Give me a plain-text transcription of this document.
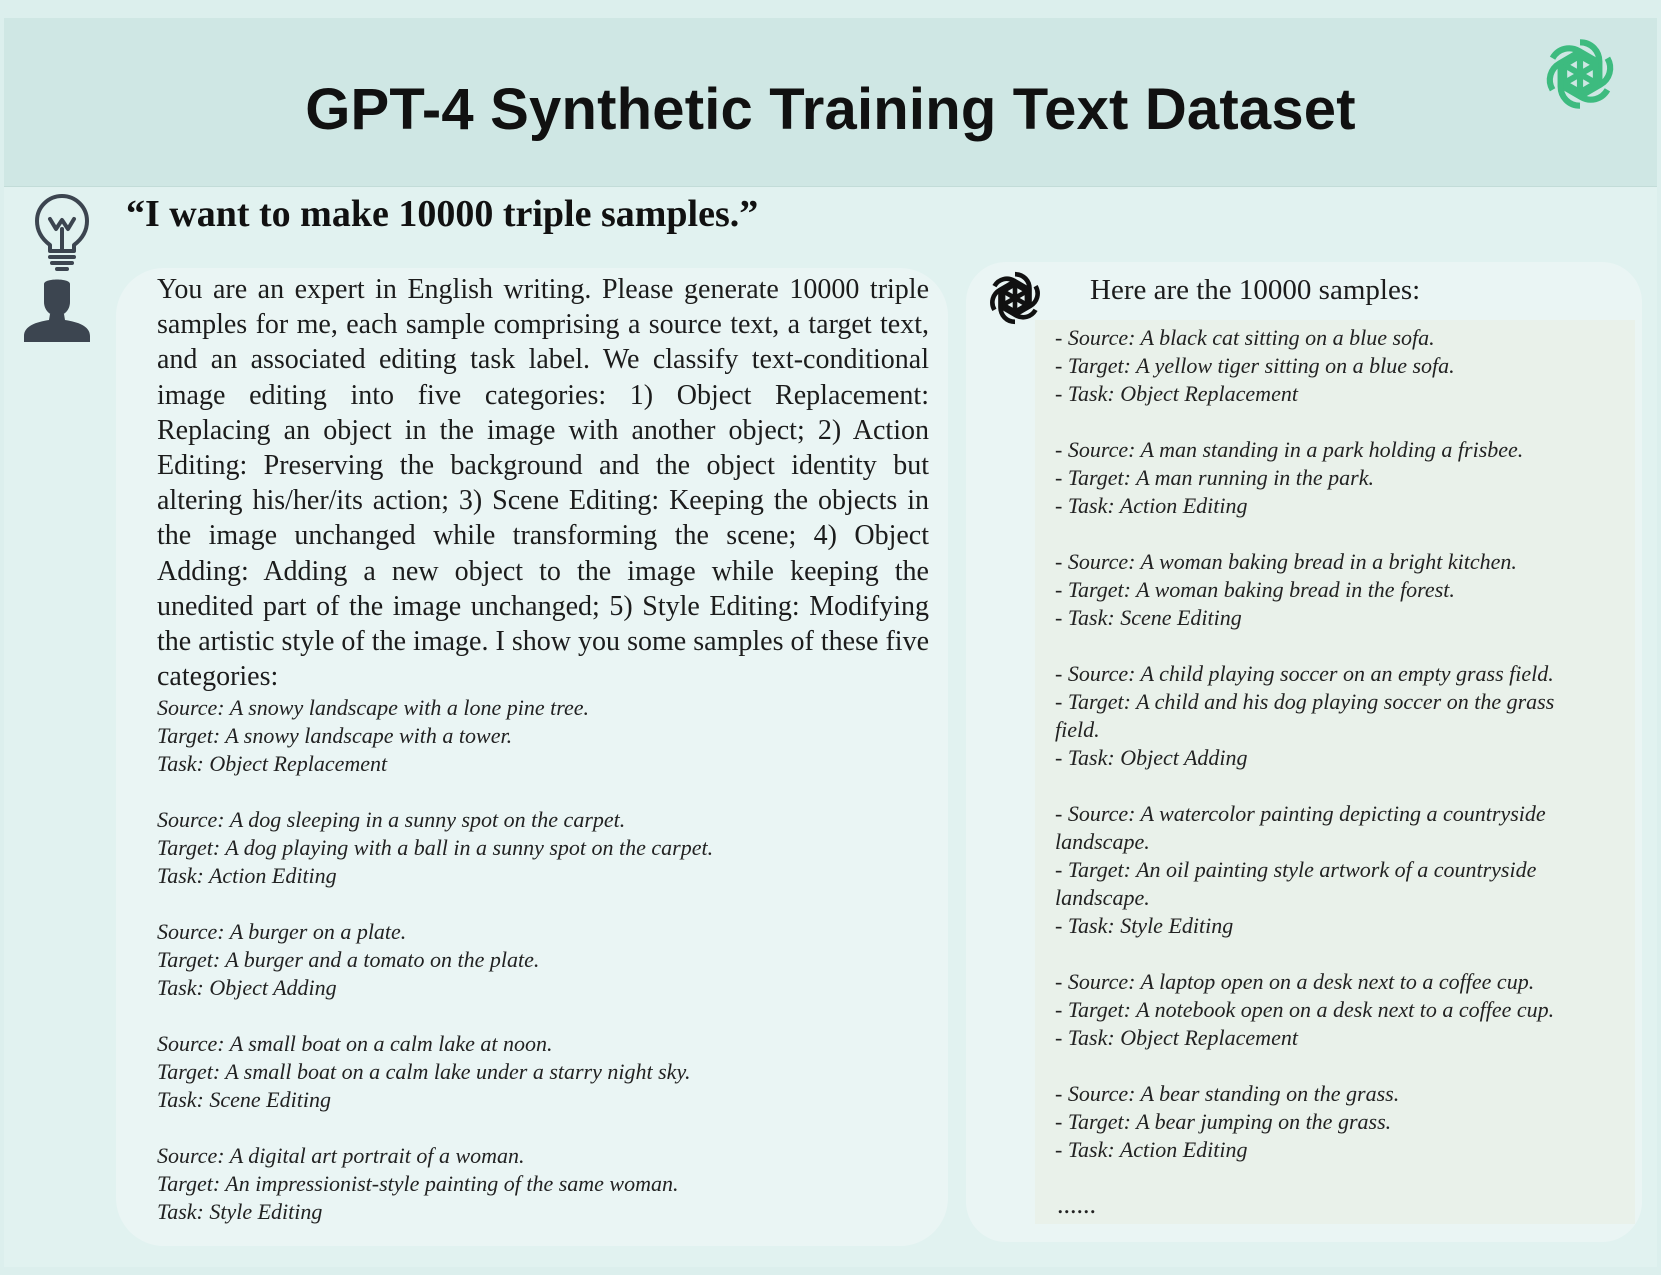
GPT-4 Synthetic Training Text Dataset
“I want to make 10000 triple samples.”
You are an expert in English writing. Please generate 10000 triple samples for me, each sample comprising a source text, a target text, and an associated editing task label. We classify text-conditional image editing into five categories: 1) Object Replacement: Replacing an object in the image with another object; 2) Action Editing: Preserving the background and the object identity but altering his/her/its action; 3) Scene Editing: Keeping the objects in the image unchanged while transforming the scene; 4) Object Adding: Adding a new object to the image while keeping the unedited part of the image unchanged; 5) Style Editing: Modifying the artistic style of the image. I show you some samples of these five categories:
Source: A snowy landscape with a lone pine tree.
Target: A snowy landscape with a tower.
Task: Object Replacement
Source: A dog sleeping in a sunny spot on the carpet.
Target: A dog playing with a ball in a sunny spot on the carpet.
Task: Action Editing
Source: A burger on a plate.
Target: A burger and a tomato on the plate.
Task: Object Adding
Source: A small boat on a calm lake at noon.
Target: A small boat on a calm lake under a starry night sky.
Task: Scene Editing
Source: A digital art portrait of a woman.
Target: An impressionist-style painting of the same woman.
Task: Style Editing
Here are the 10000 samples:
- Source: A black cat sitting on a blue sofa.
- Target: A yellow tiger sitting on a blue sofa.
- Task: Object Replacement
- Source: A man standing in a park holding a frisbee.
- Target: A man running in the park.
- Task: Action Editing
- Source: A woman baking bread in a bright kitchen.
- Target: A woman baking bread in the forest.
- Task: Scene Editing
- Source: A child playing soccer on an empty grass field.
- Target: A child and his dog playing soccer on the grass field.
- Task: Object Adding
- Source: A watercolor painting depicting a countryside landscape.
- Target: An oil painting style artwork of a countryside landscape.
- Task: Style Editing
- Source: A laptop open on a desk next to a coffee cup.
- Target: A notebook open on a desk next to a coffee cup.
- Task: Object Replacement
- Source: A bear standing on the grass.
- Target: A bear jumping on the grass.
- Task: Action Editing
......
